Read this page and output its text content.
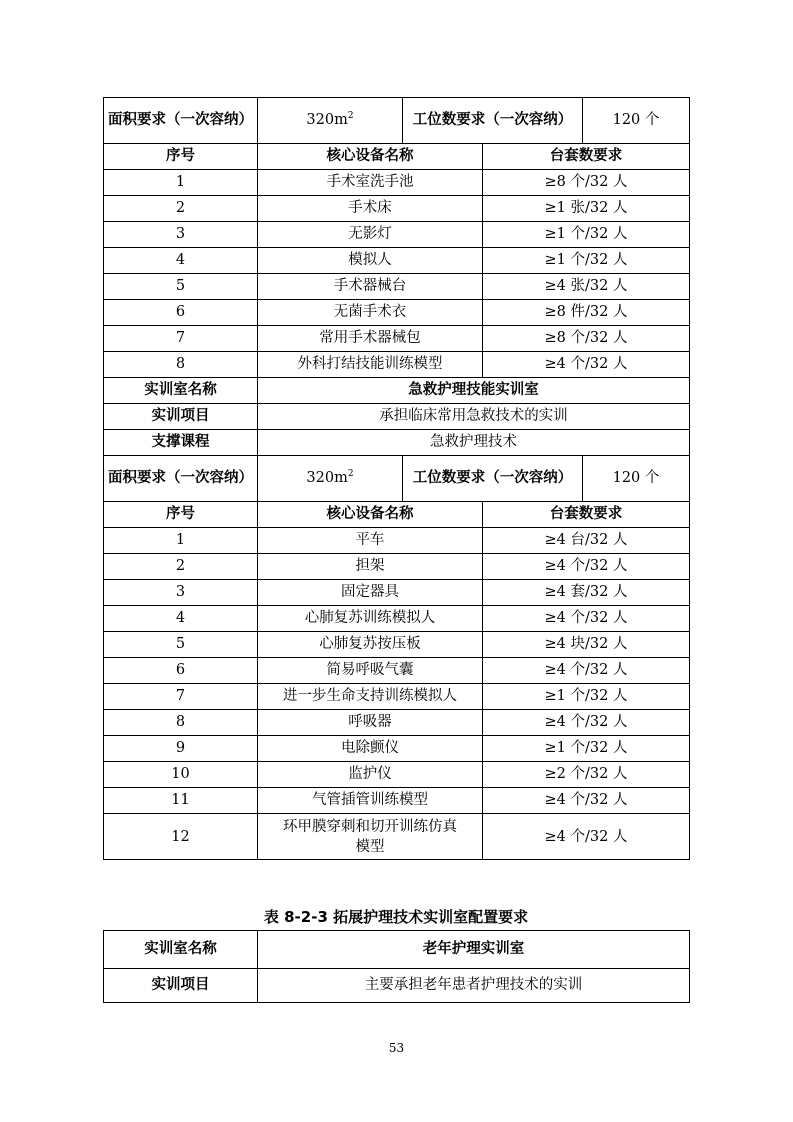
面积要求（一次容纳）	$320m^2$	工位数要求（一次容纳）		120 个
序号	核心设备名称		台套数要求	
1	手术室洗手池		≥8 个/32 人	
2	手术床		≥1 张/32 人	
3	无影灯		≥1 个/32 人	
4	模拟人		≥1 个/32 人	
5	手术器械台		≥4 张/32 人	
6	无菌手术衣		≥8 件/32 人	
7	常用手术器械包		≥8 个/32 人	
8	外科打结技能训练模型		≥4 个/32 人	
实训室名称	急救护理技能实训室			
实训项目	承担临床常用急救技术的实训			
支撑课程	急救护理技术			
面积要求（一次容纳）	$320m^2$	工位数要求（一次容纳）		120 个
序号	核心设备名称		台套数要求	
1	平车		≥4 台/32 人	
2	担架		≥4 个/32 人	
3	固定器具		≥4 套/32 人	
4	心肺复苏训练模拟人		≥4 个/32 人	
5	心肺复苏按压板		≥4 块/32 人	
6	简易呼吸气囊		≥4 个/32 人	
7	进一步生命支持训练模拟人		≥1 个/32 人	
8	呼吸器		≥4 个/32 人	
9	电除颤仪		≥1 个/32 人	
10	监护仪		≥2 个/32 人	
11	气管插管训练模型		≥4 个/32 人	
12	环甲膜穿刺和切开训练仿真模型		≥4 个/32 人	
表 8-2-3 拓展护理技术实训室配置要求
实训室名称	老年护理实训室
实训项目	主要承担老年患者护理技术的实训
53
